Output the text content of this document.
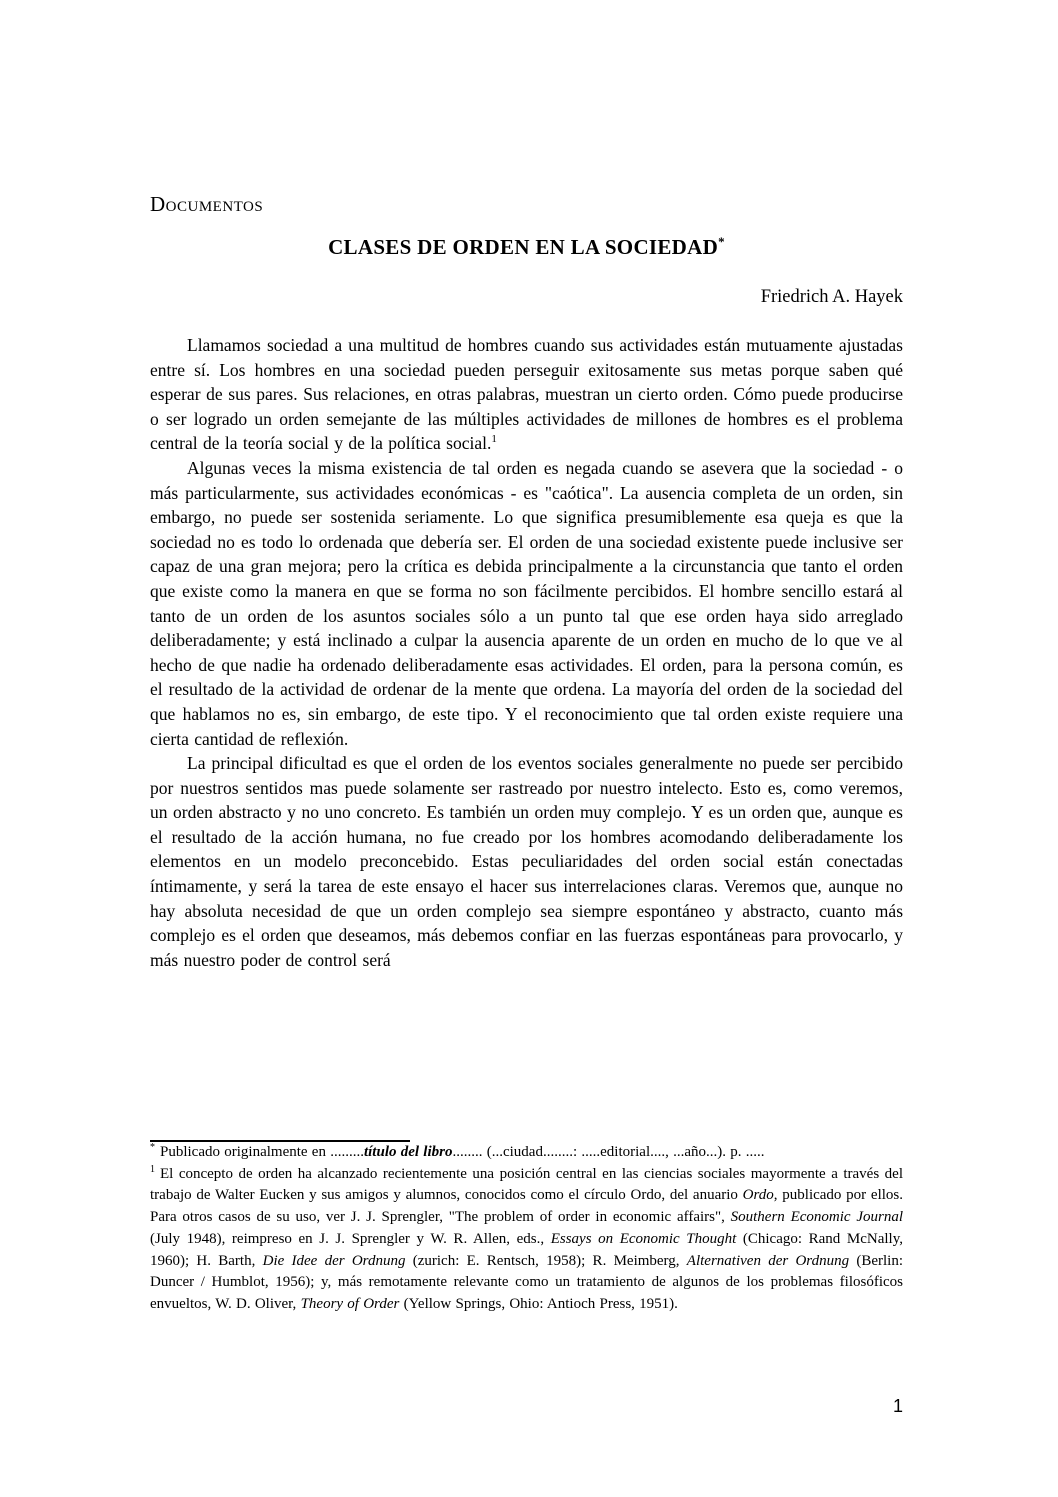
Documentos
CLASES DE ORDEN EN LA SOCIEDAD*
Friedrich A. Hayek

Llamamos sociedad a una multitud de hombres cuando sus actividades están mutuamente ajustadas entre sí. Los hombres en una sociedad pueden perseguir exitosamente sus metas porque saben qué esperar de sus pares. Sus relaciones, en otras palabras, muestran un cierto orden. Cómo puede producirse o ser logrado un orden semejante de las múltiples actividades de millones de hombres es el problema central de la teoría social y de la política social.$^1$

Algunas veces la misma existencia de tal orden es negada cuando se asevera que la sociedad - o más particularmente, sus actividades económicas - es "caótica". La ausencia completa de un orden, sin embargo, no puede ser sostenida seriamente. Lo que significa presumiblemente esa queja es que la sociedad no es todo lo ordenada que debería ser. El orden de una sociedad existente puede inclusive ser capaz de una gran mejora; pero la crítica es debida principalmente a la circunstancia que tanto el orden que existe como la manera en que se forma no son fácilmente percibidos. El hombre sencillo estará al tanto de un orden de los asuntos sociales sólo a un punto tal que ese orden haya sido arreglado deliberadamente; y está inclinado a culpar la ausencia aparente de un orden en mucho de lo que ve al hecho de que nadie ha ordenado deliberadamente esas actividades. El orden, para la persona común, es el resultado de la actividad de ordenar de la mente que ordena. La mayoría del orden de la sociedad del que hablamos no es, sin embargo, de este tipo. Y el reconocimiento que tal orden existe requiere una cierta cantidad de reflexión.

La principal dificultad es que el orden de los eventos sociales generalmente no puede ser percibido por nuestros sentidos mas puede solamente ser rastreado por nuestro intelecto. Esto es, como veremos, un orden abstracto y no uno concreto. Es también un orden muy complejo. Y es un orden que, aunque es el resultado de la acción humana, no fue creado por los hombres acomodando deliberadamente los elementos en un modelo preconcebido. Estas peculiaridades del orden social están conectadas íntimamente, y será la tarea de este ensayo el hacer sus interrelaciones claras. Veremos que, aunque no hay absoluta necesidad de que un orden complejo sea siempre espontáneo y abstracto, cuanto más complejo es el orden que deseamos, más debemos confiar en las fuerzas espontáneas para provocarlo, y más nuestro poder de control será

* Publicado originalmente en .........título del libro........ (...ciudad........: .....editorial...., ...año...). p. .....

$^1$ El concepto de orden ha alcanzado recientemente una posición central en las ciencias sociales mayormente a través del trabajo de Walter Eucken y sus amigos y alumnos, conocidos como el círculo Ordo, del anuario Ordo, publicado por ellos. Para otros casos de su uso, ver J. J. Sprengler, "The problem of order in economic affairs", Southern Economic Journal (July 1948), reimpreso en J. J. Sprengler y W. R. Allen, eds., Essays on Economic Thought (Chicago: Rand McNally, 1960); H. Barth, Die Idee der Ordnung (zurich: E. Rentsch, 1958); R. Meimberg, Alternativen der Ordnung (Berlin: Duncer / Humblot, 1956); y, más remotamente relevante como un tratamiento de algunos de los problemas filosóficos envueltos, W. D. Oliver, Theory of Order (Yellow Springs, Ohio: Antioch Press, 1951).

1
